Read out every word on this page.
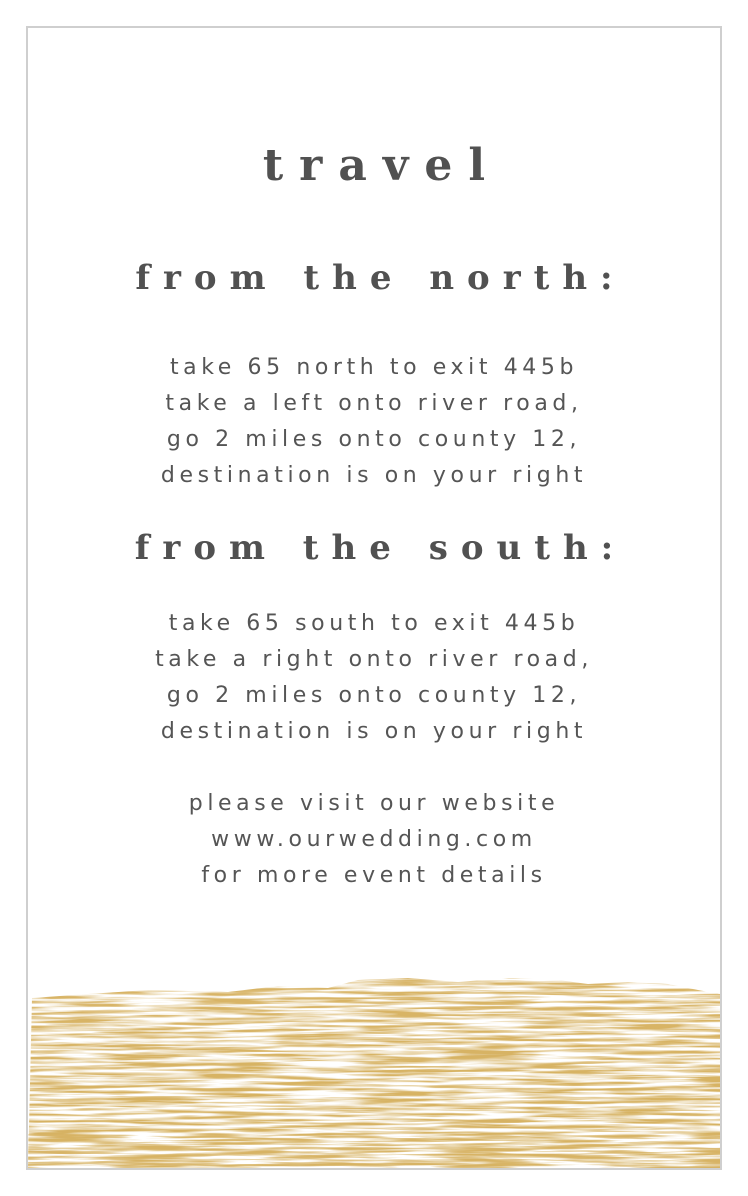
travel
from the north:
take 65 north to exit 445b
take a left onto river road,
go 2 miles onto county 12,
destination is on your right
from the south:
take 65 south to exit 445b
take a right onto river road,
go 2 miles onto county 12,
destination is on your right
please visit our website
www.ourwedding.com
for more event details
